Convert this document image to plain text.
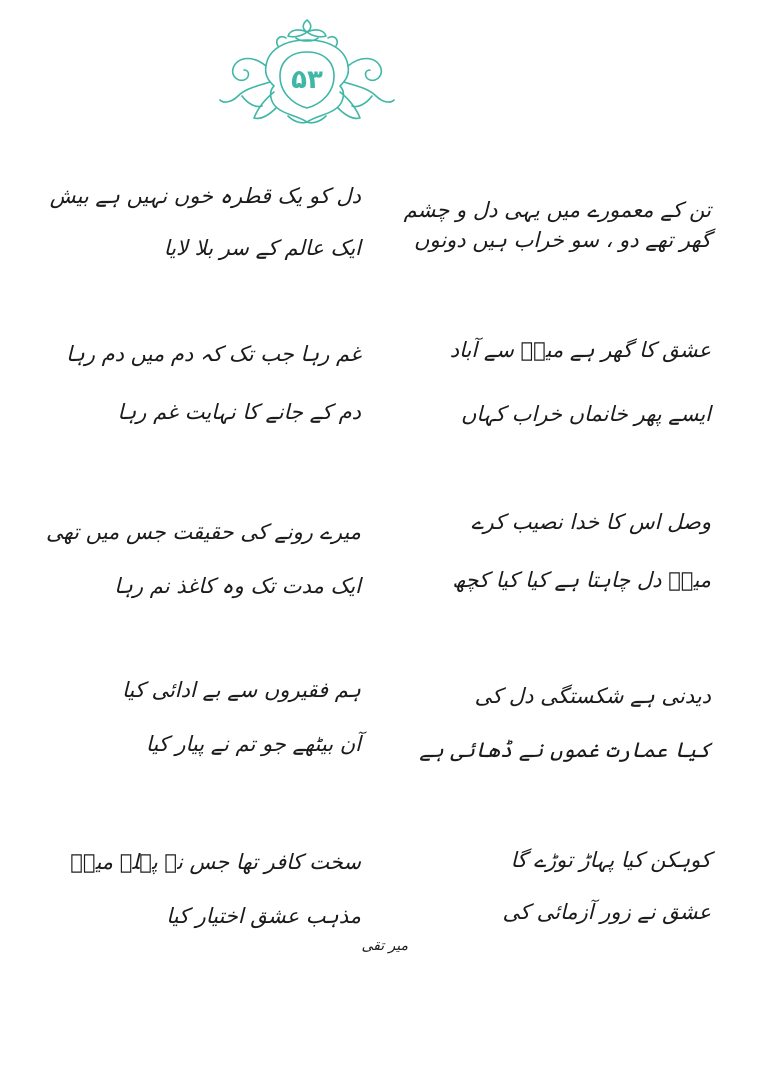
۵۳
تن کے معمورے میں یہی دل و چشم
گھر تھے دو ، سو خراب ہیں دونوں
دل کو یک قطرہ خوں نہیں ہے بیش
ایک عالم کے سر بلا لایا
عشق کا گھر ہے میرؔ سے آباد
ایسے پھر خانماں خراب کہاں
غم رہا جب تک کہ دم میں دم رہا
دم کے جانے کا نہایت غم رہا
وصل اس کا خدا نصیب کرے
میرؔ دل چاہتا ہے کیا کیا کچھ
میرے رونے کی حقیقت جس میں تھی
ایک مدت تک وہ کاغذ نم رہا
دیدنی ہے شکستگی دل کی
کیا عمارت غموں نے ڈھائی ہے
ہم فقیروں سے بے ادائی کیا
آن بیٹھے جو تم نے پیار کیا
کوہکن کیا پہاڑ توڑے گا
عشق نے زور آزمائی کی
سخت کافر تھا جس نے پہلے میرؔ
مذہب عشق اختیار کیا
میر تقی
